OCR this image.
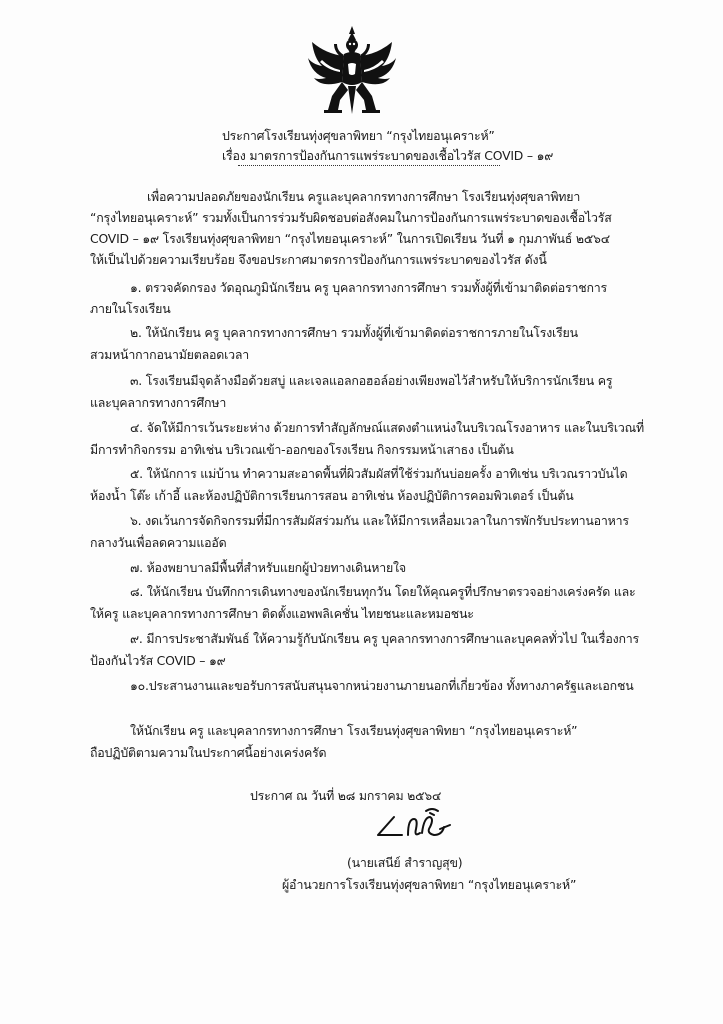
ประกาศโรงเรียนทุ่งศุขลาพิทยา “กรุงไทยอนุเคราะห์”
เรื่อง มาตรการป้องกันการแพร่ระบาดของเชื้อไวรัส COVID – ๑๙
เพื่อความปลอดภัยของนักเรียน ครูและบุคลากรทางการศึกษา โรงเรียนทุ่งศุขลาพิทยา
“กรุงไทยอนุเคราะห์” รวมทั้งเป็นการร่วมรับผิดชอบต่อสังคมในการป้องกันการแพร่ระบาดของเชื้อไวรัส
COVID – ๑๙ โรงเรียนทุ่งศุขลาพิทยา “กรุงไทยอนุเคราะห์” ในการเปิดเรียน วันที่ ๑ กุมภาพันธ์ ๒๕๖๔
ให้เป็นไปด้วยความเรียบร้อย จึงขอประกาศมาตรการป้องกันการแพร่ระบาดของไวรัส ดังนี้
๑. ตรวจคัดกรอง วัดอุณภูมินักเรียน ครู บุคลากรทางการศึกษา รวมทั้งผู้ที่เข้ามาติดต่อราชการ
ภายในโรงเรียน
๒. ให้นักเรียน ครู บุคลากรทางการศึกษา รวมทั้งผู้ที่เข้ามาติดต่อราชการภายในโรงเรียน
สวมหน้ากากอนามัยตลอดเวลา
๓. โรงเรียนมีจุดล้างมือด้วยสบู่ และเจลแอลกอฮอล์อย่างเพียงพอไว้สำหรับให้บริการนักเรียน ครู
และบุคลากรทางการศึกษา
๔. จัดให้มีการเว้นระยะห่าง ด้วยการทำสัญลักษณ์แสดงตำแหน่งในบริเวณโรงอาหาร และในบริเวณที่
มีการทำกิจกรรม อาทิเช่น บริเวณเข้า-ออกของโรงเรียน กิจกรรมหน้าเสาธง เป็นต้น
๕. ให้นักการ แม่บ้าน ทำความสะอาดพื้นที่ผิวสัมผัสที่ใช้ร่วมกันบ่อยครั้ง อาทิเช่น บริเวณราวบันได
ห้องน้ำ โต๊ะ เก้าอี้ และห้องปฏิบัติการเรียนการสอน อาทิเช่น ห้องปฏิบัติการคอมพิวเตอร์ เป็นต้น
๖. งดเว้นการจัดกิจกรรมที่มีการสัมผัสร่วมกัน และให้มีการเหลื่อมเวลาในการพักรับประทานอาหาร
กลางวันเพื่อลดความแออัด
๗. ห้องพยาบาลมีพื้นที่สำหรับแยกผู้ป่วยทางเดินหายใจ
๘. ให้นักเรียน บันทึกการเดินทางของนักเรียนทุกวัน โดยให้คุณครูที่ปรึกษาตรวจอย่างเคร่งครัด และ
ให้ครู และบุคลากรทางการศึกษา ติดตั้งแอพพลิเคชั่น ไทยชนะและหมอชนะ
๙. มีการประชาสัมพันธ์ ให้ความรู้กับนักเรียน ครู บุคลากรทางการศึกษาและบุคคลทั่วไป ในเรื่องการ
ป้องกันไวรัส COVID – ๑๙
๑๐.ประสานงานและขอรับการสนับสนุนจากหน่วยงานภายนอกที่เกี่ยวข้อง ทั้งทางภาครัฐและเอกชน
ให้นักเรียน ครู และบุคลากรทางการศึกษา โรงเรียนทุ่งศุขลาพิทยา “กรุงไทยอนุเคราะห์”
ถือปฏิบัติตามความในประกาศนี้อย่างเคร่งครัด
ประกาศ ณ วันที่ ๒๘ มกราคม ๒๕๖๔
(นายเสนีย์ สำราญสุข)
ผู้อำนวยการโรงเรียนทุ่งศุขลาพิทยา “กรุงไทยอนุเคราะห์”
